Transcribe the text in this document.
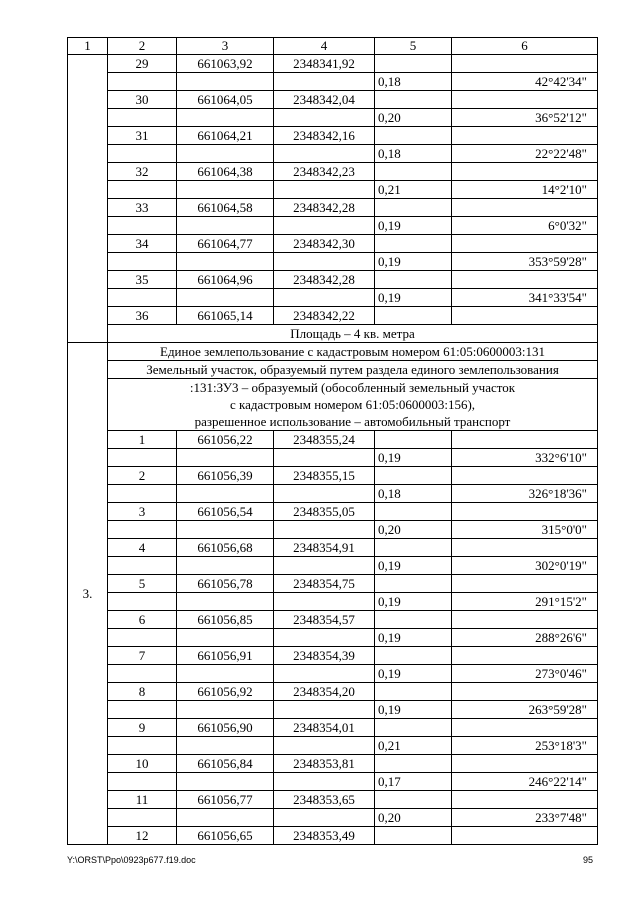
1	2	3	4	5	6
	29	661063,92	2348341,92		
				0,18	42°42'34"
	30	661064,05	2348342,04		
				0,20	36°52'12"
	31	661064,21	2348342,16		
				0,18	22°22'48"
	32	661064,38	2348342,23		
				0,21	14°2'10"
	33	661064,58	2348342,28		
				0,19	6°0'32"
	34	661064,77	2348342,30		
				0,19	353°59'28"
	35	661064,96	2348342,28		
				0,19	341°33'54"
	36	661065,14	2348342,22		
	Площадь – 4 кв. метра				
3.	Единое землепользование с кадастровым номером 61:05:0600003:131				

	Земельный участок, образуемый путем раздела единого землепользования
:131:ЗУ3 – образуемый (обособленный земельный участок
с кадастровым номером 61:05:0600003:156),
разрешенное использование – автомобильный транспорт				

	1	661056,22	2348355,24		
				0,19	332°6'10"
	2	661056,39	2348355,15		
				0,18	326°18'36"
	3	661056,54	2348355,05		
				0,20	315°0'0"
	4	661056,68	2348354,91		
				0,19	302°0'19"
	5	661056,78	2348354,75		
				0,19	291°15'2"
	6	661056,85	2348354,57		
				0,19	288°26'6"
	7	661056,91	2348354,39		
				0,19	273°0'46"
	8	661056,92	2348354,20		
				0,19	263°59'28"
	9	661056,90	2348354,01		
				0,21	253°18'3"
	10	661056,84	2348353,81		
				0,17	246°22'14"
	11	661056,77	2348353,65		
				0,20	233°7'48"
	12	661056,65	2348353,49		
Y:\ORST\Ppo\0923p677.f19.doc	95
